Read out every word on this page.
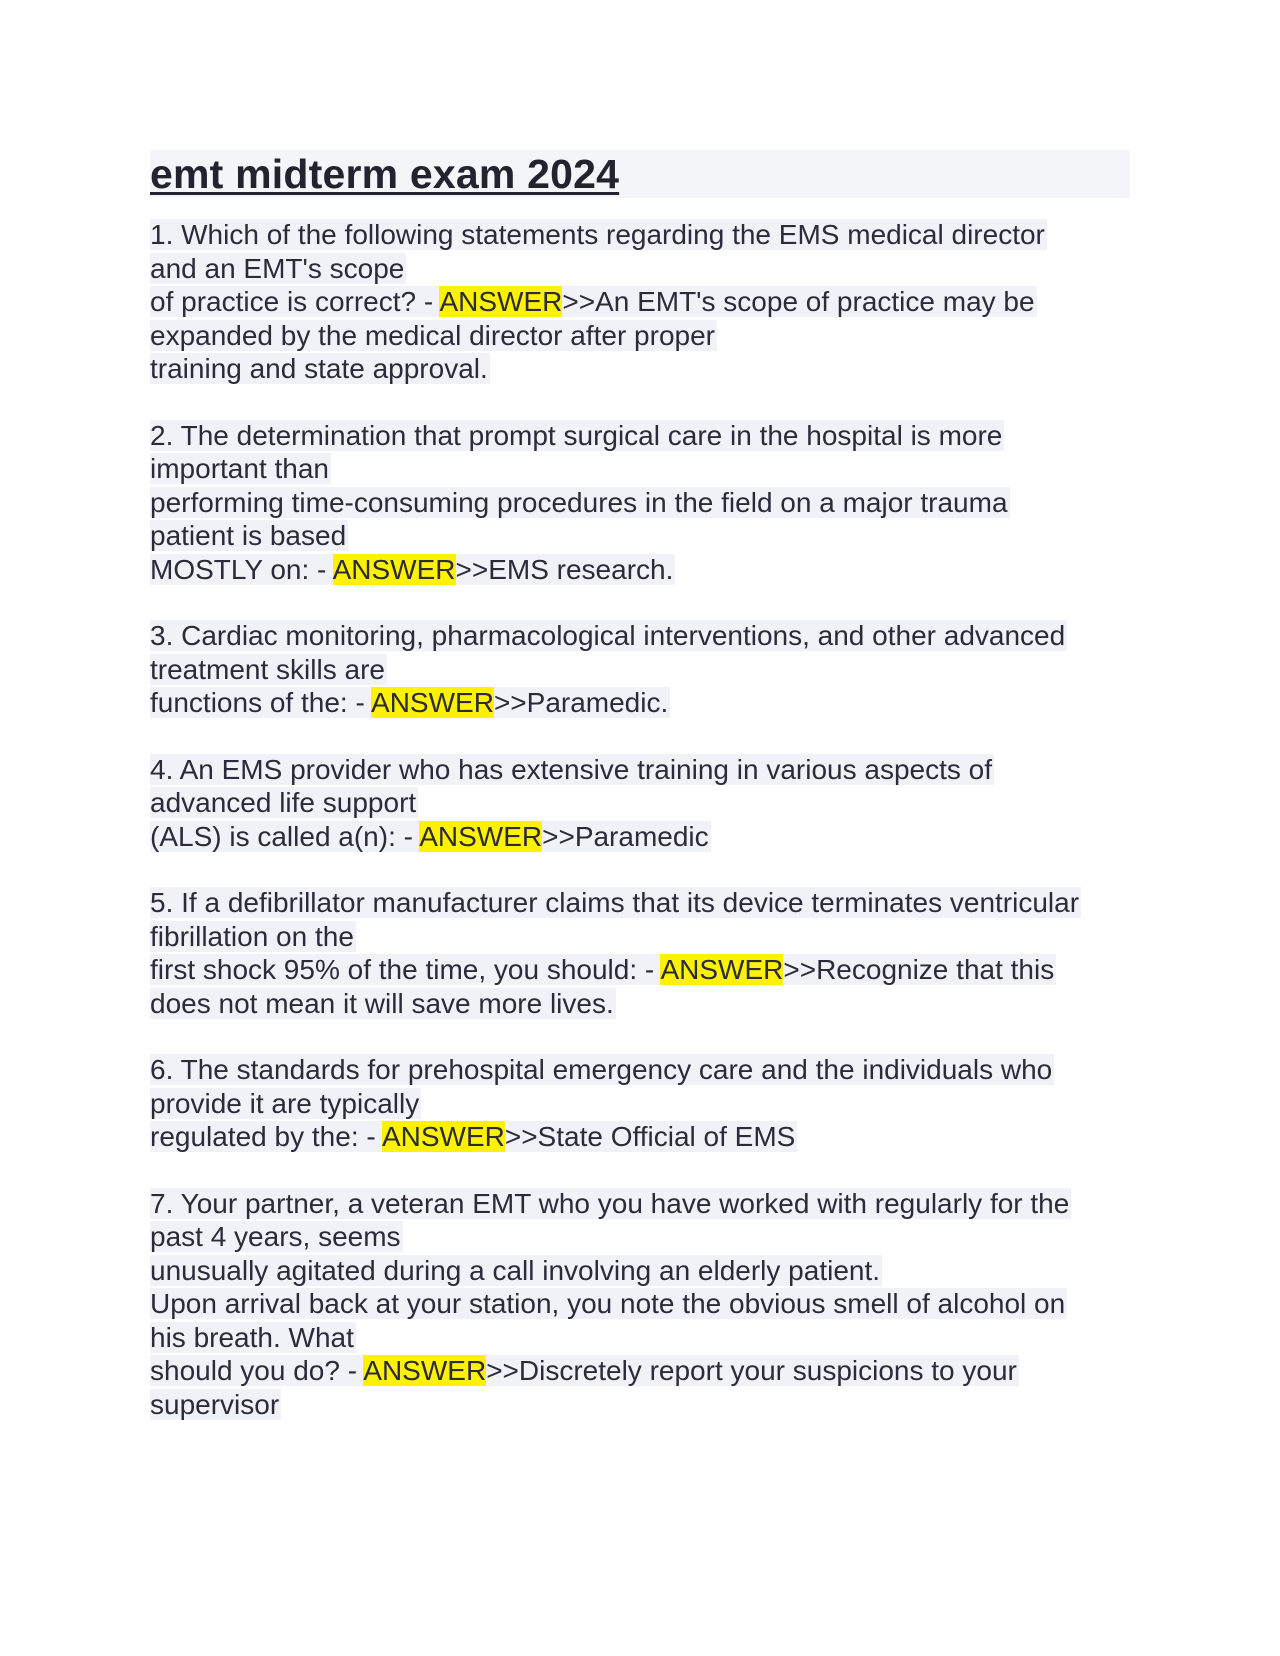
emt midterm exam 2024
1. Which of the following statements regarding the EMS medical director
and an EMT's scope
of practice is correct? - ANSWER>>An EMT's scope of practice may be
expanded by the medical director after proper
training and state approval.
2. The determination that prompt surgical care in the hospital is more
important than
performing time-consuming procedures in the field on a major trauma
patient is based
MOSTLY on: - ANSWER>>EMS research.
3. Cardiac monitoring, pharmacological interventions, and other advanced
treatment skills are
functions of the: - ANSWER>>Paramedic.
4. An EMS provider who has extensive training in various aspects of
advanced life support
(ALS) is called a(n): - ANSWER>>Paramedic
5. If a defibrillator manufacturer claims that its device terminates ventricular
fibrillation on the
first shock 95% of the time, you should: - ANSWER>>Recognize that this
does not mean it will save more lives.
6. The standards for prehospital emergency care and the individuals who
provide it are typically
regulated by the: - ANSWER>>State Official of EMS
7. Your partner, a veteran EMT who you have worked with regularly for the
past 4 years, seems
unusually agitated during a call involving an elderly patient.
Upon arrival back at your station, you note the obvious smell of alcohol on
his breath. What
should you do? - ANSWER>>Discretely report your suspicions to your
supervisor
